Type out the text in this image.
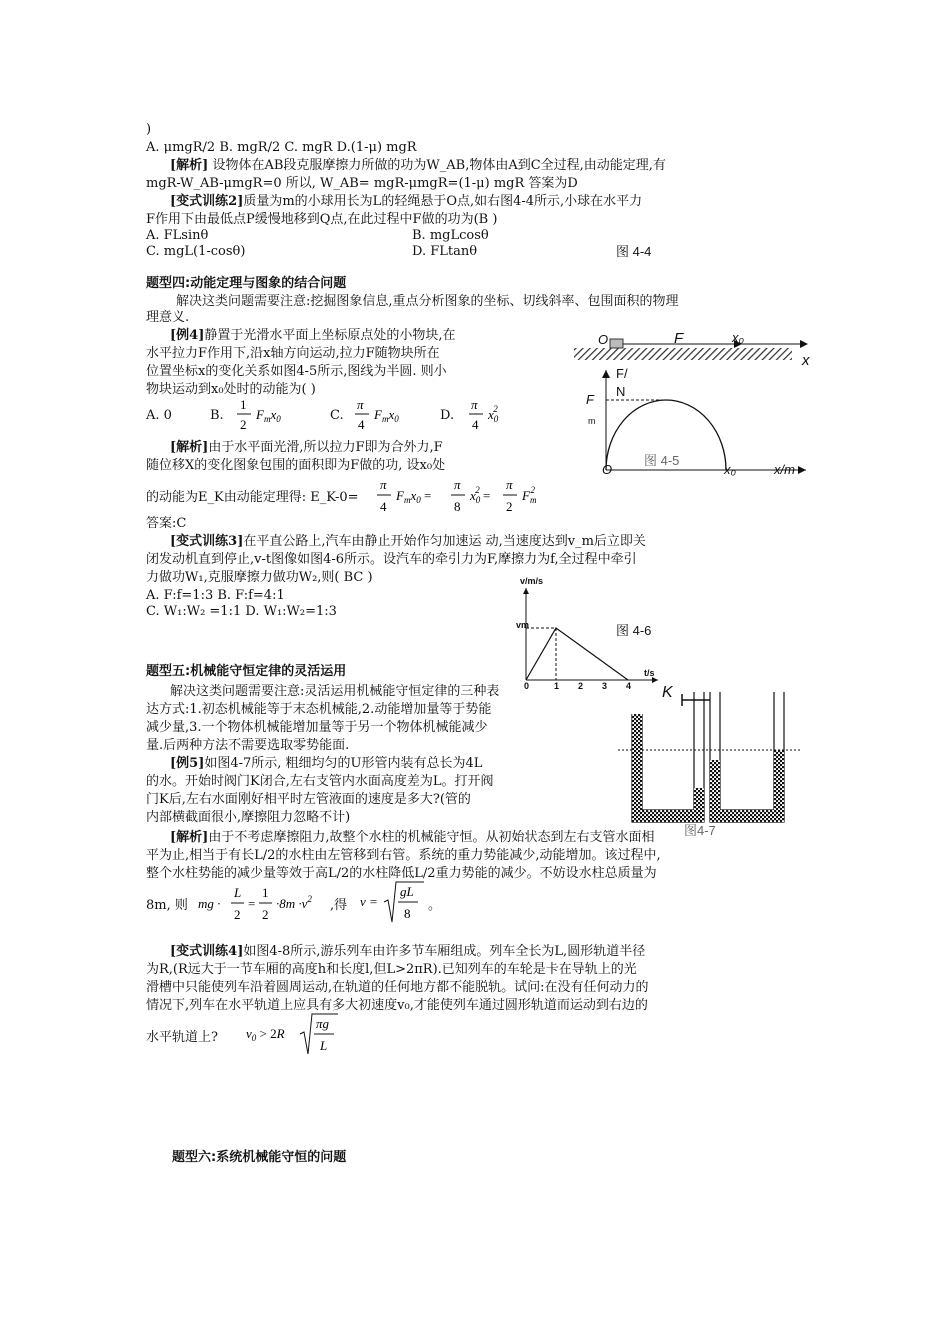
)
A. μmgR/2 B. mgR/2 C. mgR D.(1-μ) mgR
[解析] 设物体在AB段克服摩擦力所做的功为W_AB,物体由A到C全过程,由动能定理,有
mgR-W_AB-μmgR=0 所以, W_AB= mgR-μmgR=(1-μ) mgR 答案为D
[变式训练2]质量为m的小球用长为L的轻绳悬于O点,如右图4-4所示,小球在水平力
F作用下由最低点P缓慢地移到Q点,在此过程中F做的功为(B )
A. FLsinθ	B. mgLcosθ
C. mgL(1-cosθ)	D. FLtanθ	图 4-4
题型四:动能定理与图象的结合问题
解决这类问题需要注意:挖掘图象信息,重点分析图象的坐标、切线斜率、包围面积的物理
理意义.
[例4]静置于光滑水平面上坐标原点处的小物块,在
水平拉力F作用下,沿x轴方向运动,拉力F随物块所在
位置坐标x的变化关系如图4-5所示,图线为半圆. 则小
物块运动到x₀处时的动能为( )
A. 0	B.
1
2
$F_mx_0$	C.
π
4
$F_mx_0$	D.
π
4
$x_02$
[解析]由于水平面光滑,所以拉力F即为合外力,F
随位移X的变化图象包围的面积即为F做的功, 设x₀处
的动能为E_K由动能定理得: E_K-0=
π
4
$F_mx_0$ =
π
8
$x_02$ =
π
2
$F_m2$
答案:C
O	F	x₀
x
F/
N
F
m
图 4-5
O	x₀	x/m
[变式训练3]在平直公路上,汽车由静止开始作匀加速运 动,当速度达到v_m后立即关
闭发动机直到停止,v-t图像如图4-6所示。设汽车的牵引力为F,摩擦力为f,全过程中牵引
力做功W₁,克服摩擦力做功W₂,则( BC )
A. F:f=1:3 B. F:f=4:1
C. W₁:W₂ =1:1 D. W₁:W₂=1:3
v/m/s
vm
0	1 2 3 4
t/s
图 4-6
题型五:机械能守恒定律的灵活运用
解决这类问题需要注意:灵活运用机械能守恒定律的三种表
达方式:1.初态机械能等于末态机械能,2.动能增加量等于势能
减少量,3.一个物体机械能增加量等于另一个物体机械能减少
量.后两种方法不需要选取零势能面.
[例5]如图4-7所示, 粗细均匀的U形管内装有总长为4L
的水。开始时阀门K闭合,左右支管内水面高度差为L。打开阀
门K后,左右水面刚好相平时左管液面的速度是多大?(管的
内部横截面很小,摩擦阻力忽略不计)
K
图4-7
[解析]由于不考虑摩擦阻力,故整个水柱的机械能守恒。从初始状态到左右支管水面相
平为止,相当于有长L/2的水柱由左管移到右管。系统的重力势能减少,动能增加。该过程中,
整个水柱势能的减少量等效于高L/2的水柱降低L/2重力势能的减少。不妨设水柱总质量为
8m, 则 mg ·
L
2
=
1
2
$\cdot 8m \cdot v^2$ ,得 v =
gL
8
。
[变式训练4]如图4-8所示,游乐列车由许多节车厢组成。列车全长为L,圆形轨道半径
为R,(R远大于一节车厢的高度h和长度l,但L>2πR).已知列车的车轮是卡在导轨上的光
滑槽中只能使列车沿着圆周运动,在轨道的任何地方都不能脱轨。试问:在没有任何动力的
情况下,列车在水平轨道上应具有多大初速度v₀,才能使列车通过圆形轨道而运动到右边的
水平轨道上? $v_0 > 2R$
πg
L
题型六:系统机械能守恒的问题
